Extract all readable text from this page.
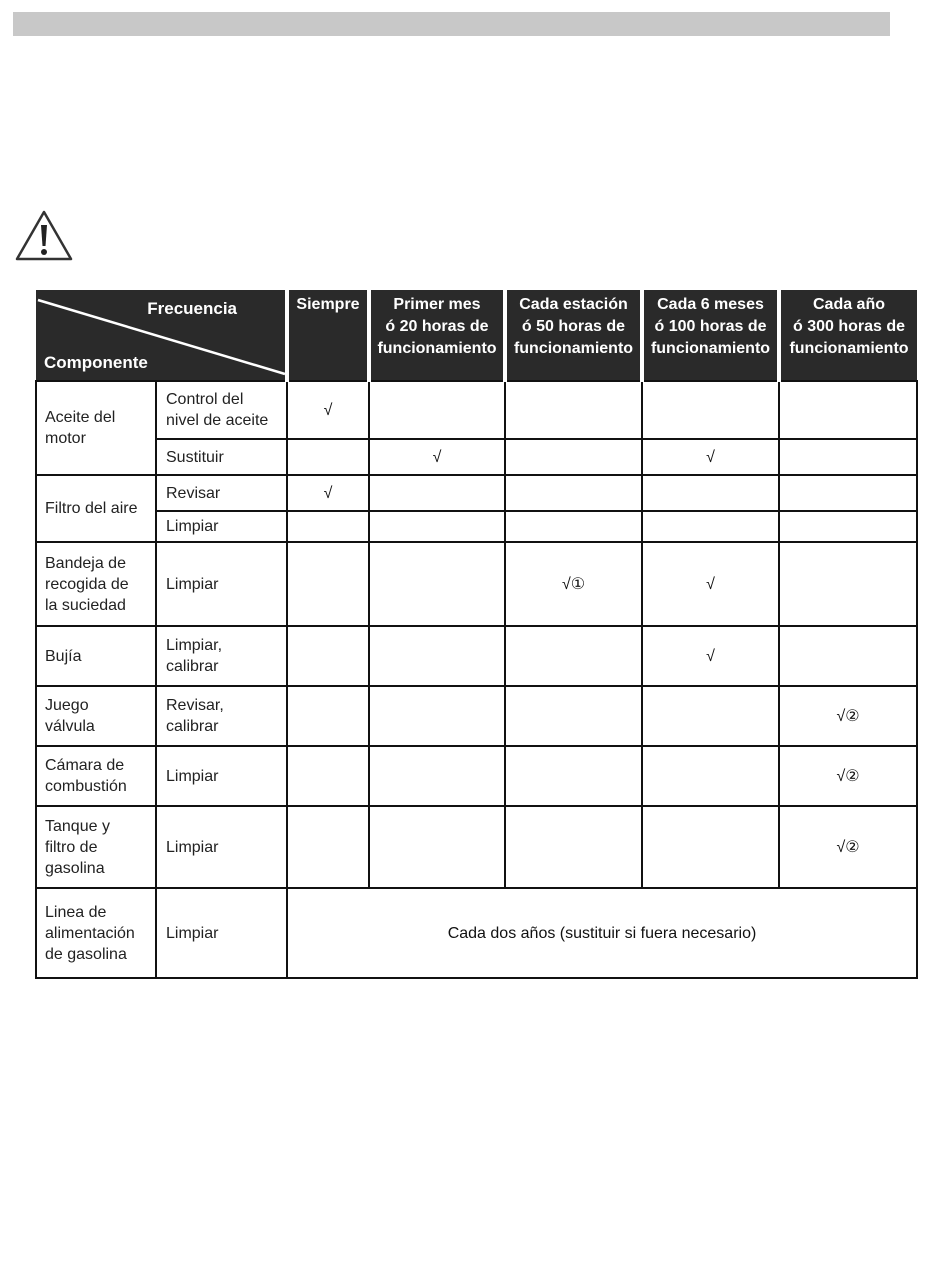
Frecuencia
Componente		Siempre	Primer mes
ó 20 horas de
funcionamiento	Cada estación
ó 50 horas de
funcionamiento	Cada 6 meses
ó 100 horas de
funcionamiento	Cada año
ó 300 horas de
funcionamiento
Aceite del
motor	Control del
nivel de aceite	√				
	Sustituir		√		√	
Filtro del aire	Revisar	√				
	Limpiar					
Bandeja de
recogida de
la suciedad	Limpiar			√①	√	
Bujía	Limpiar,
calibrar				√	
Juego
válvula	Revisar,
calibrar					√②
Cámara de
combustión	Limpiar					√②
Tanque y
filtro de
gasolina	Limpiar					√②
Linea de
alimentación
de gasolina	Limpiar	Cada dos años (sustituir si fuera necesario)				
